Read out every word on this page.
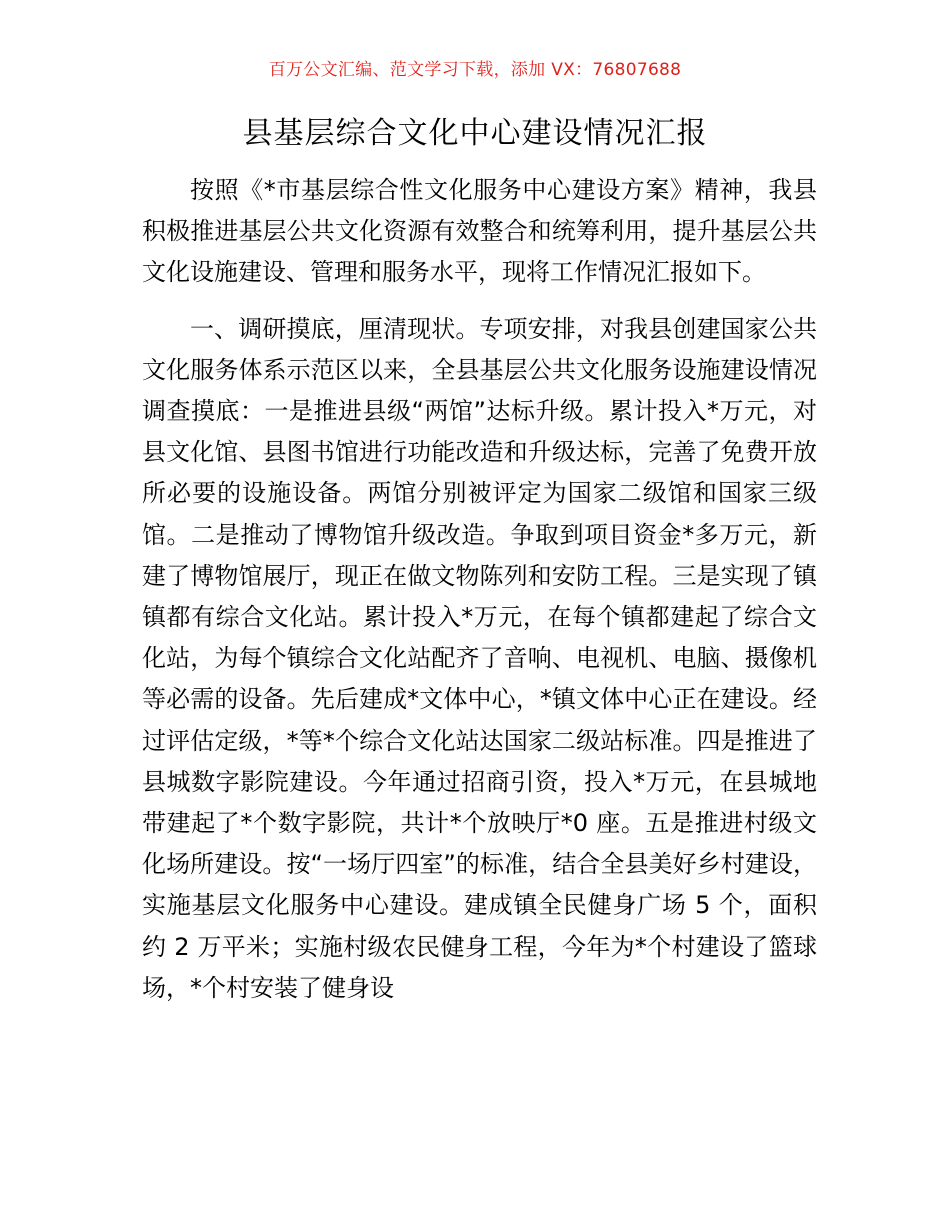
百万公文汇编、范文学习下载，添加 VX：76807688
县基层综合文化中心建设情况汇报

按照《*市基层综合性文化服务中心建设方案》精神，我县积极推进基层公共文化资源有效整合和统筹利用，提升基层公共文化设施建设、管理和服务水平，现将工作情况汇报如下。

一、调研摸底，厘清现状。专项安排，对我县创建国家公共文化服务体系示范区以来，全县基层公共文化服务设施建设情况调查摸底：一是推进县级“两馆”达标升级。累计投入*万元，对县文化馆、县图书馆进行功能改造和升级达标，完善了免费开放所必要的设施设备。两馆分别被评定为国家二级馆和国家三级馆。二是推动了博物馆升级改造。争取到项目资金*多万元，新建了博物馆展厅，现正在做文物陈列和安防工程。三是实现了镇镇都有综合文化站。累计投入*万元，在每个镇都建起了综合文化站，为每个镇综合文化站配齐了音响、电视机、电脑、摄像机等必需的设备。先后建成*文体中心，*镇文体中心正在建设。经过评估定级，*等*个综合文化站达国家二级站标准。四是推进了县城数字影院建设。今年通过招商引资，投入*万元，在县城地带建起了*个数字影院，共计*个放映厅*0 座。五是推进村级文化场所建设。按“一场厅四室”的标准，结合全县美好乡村建设，实施基层文化服务中心建设。建成镇全民健身广场 5 个，面积约 2 万平米；实施村级农民健身工程，今年为*个村建设了篮球场，*个村安装了健身设
